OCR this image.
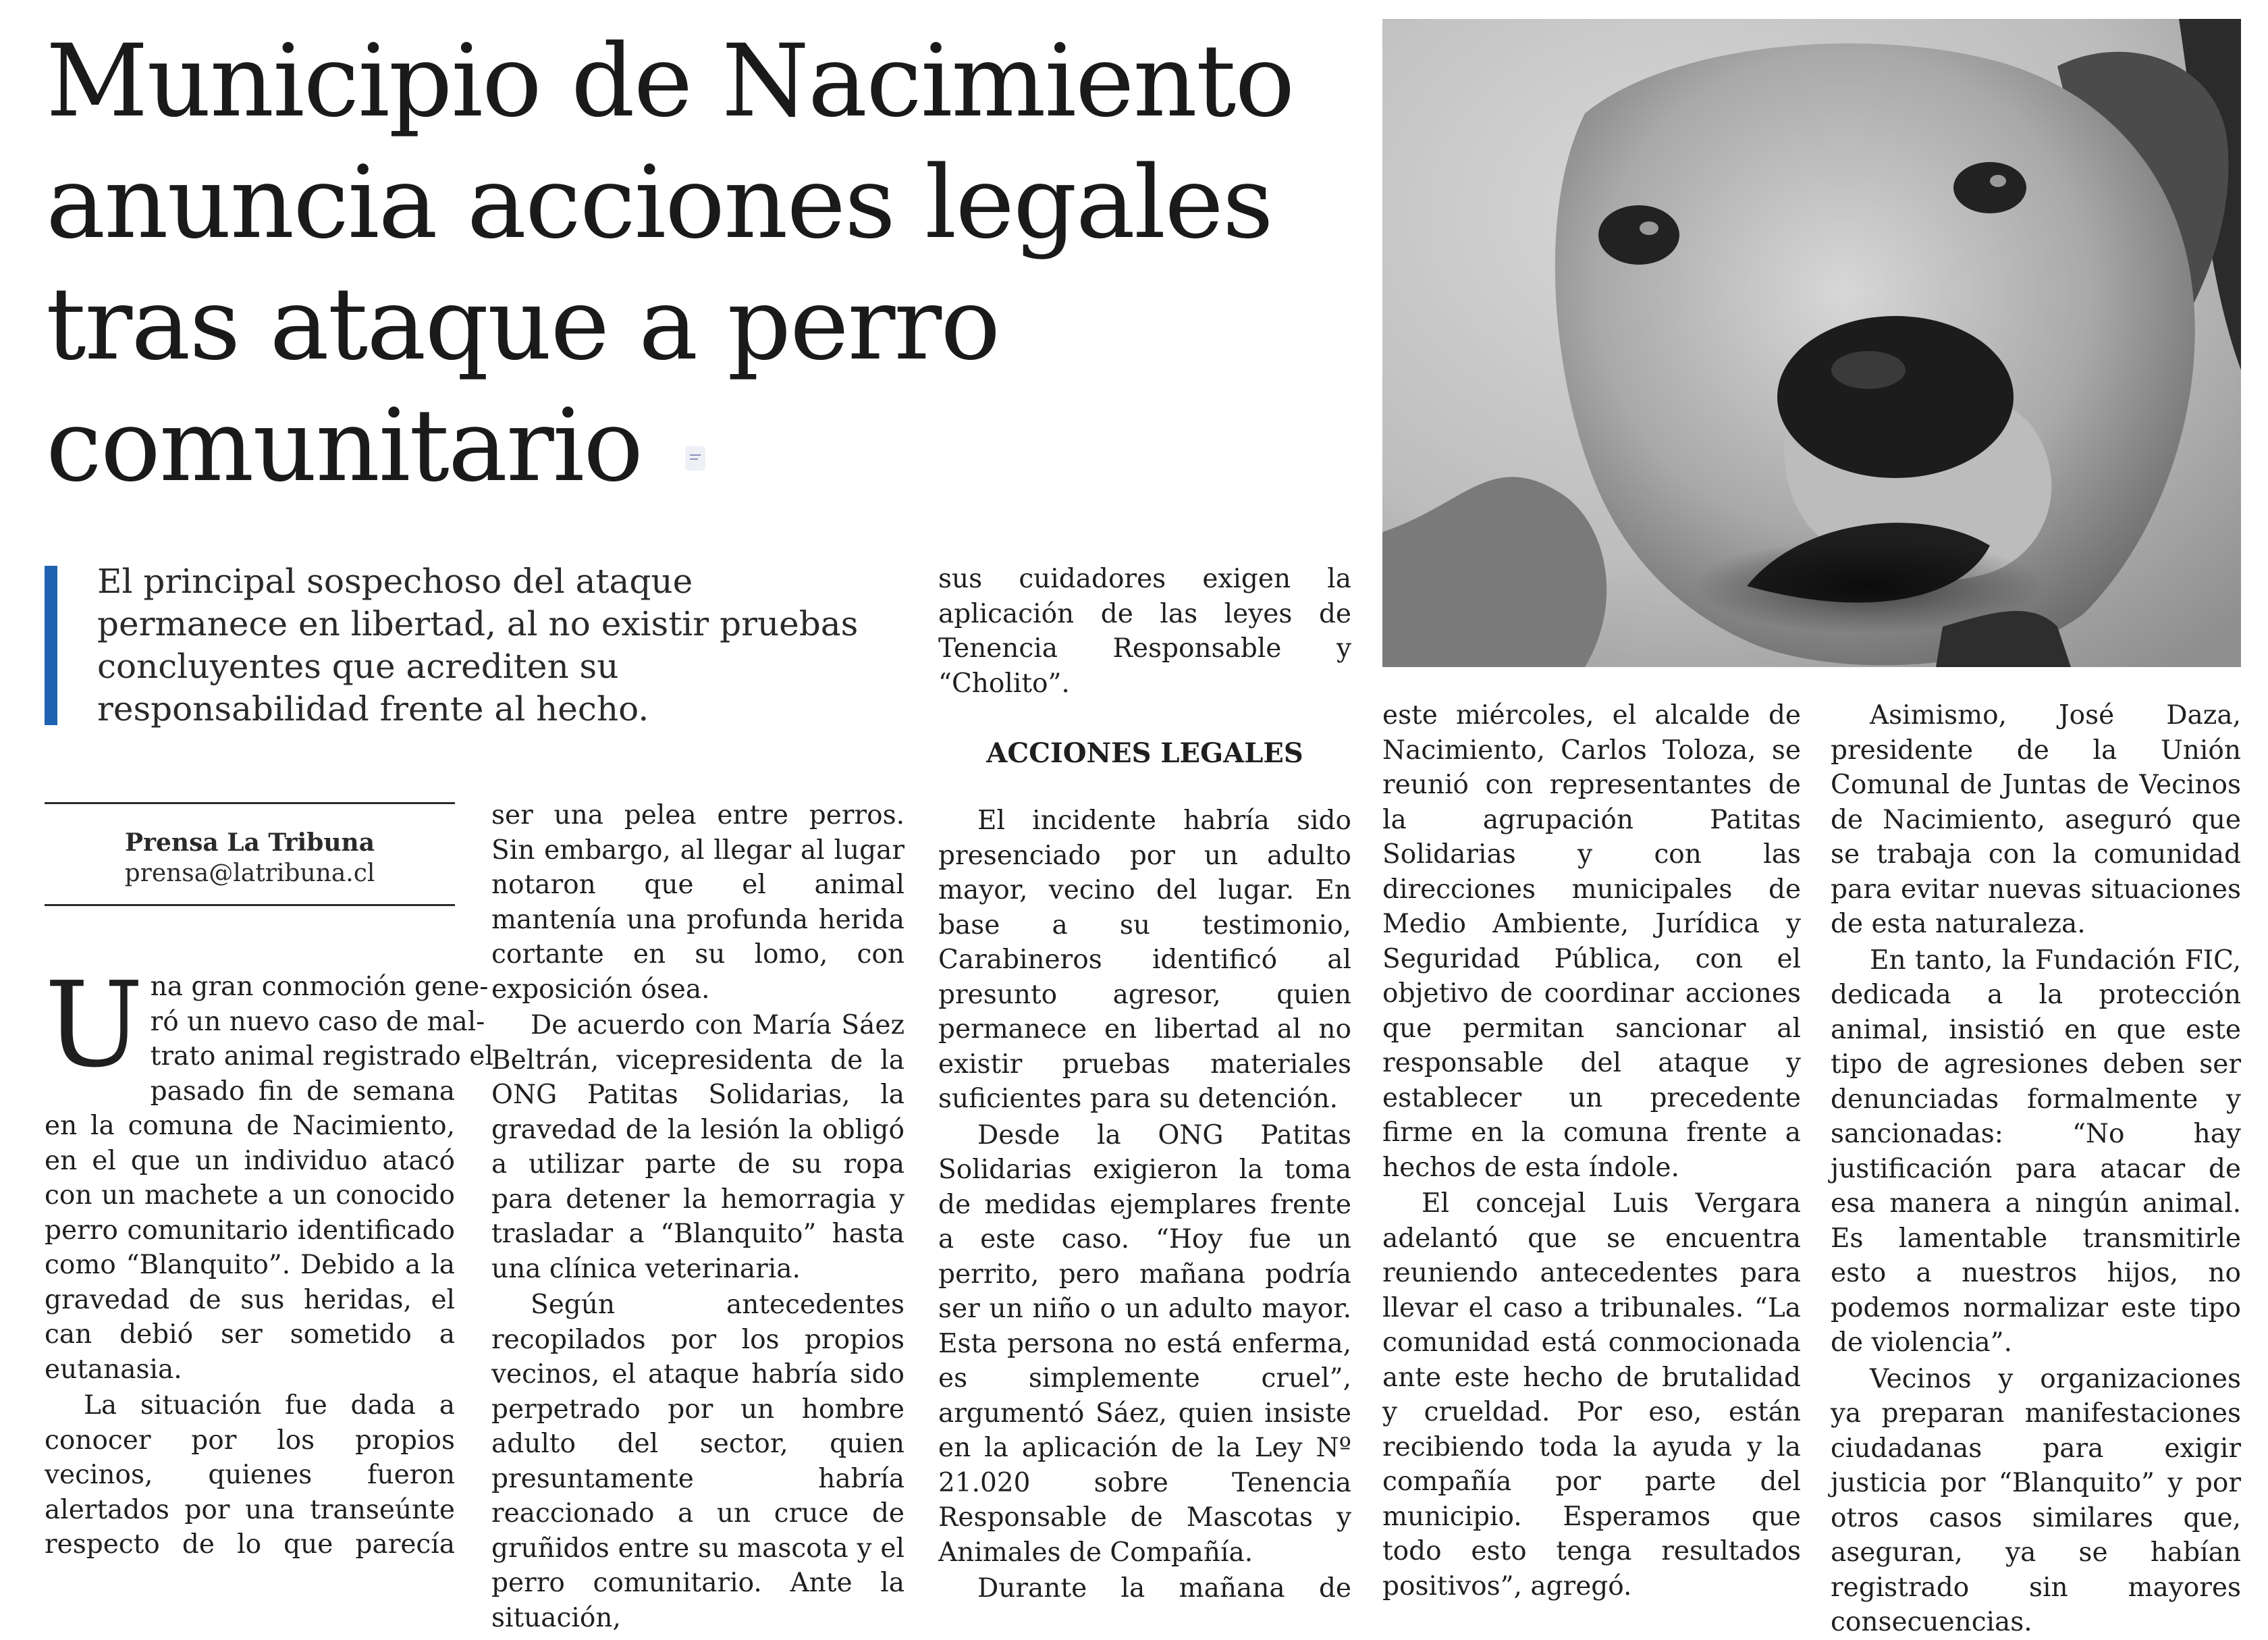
Municipio de Nacimiento
anuncia acciones legales
tras ataque a perro
comunitario

El principal sospechoso del ataque permanece en libertad, al no existir pruebas concluyentes que acrediten su responsabilidad frente al hecho.

Prensa La Tribuna
prensa@latribuna.cl

U na gran conmoción gene-
ró un nuevo caso de mal-
trato animal registrado el
pasado fin de semana en la comuna de Nacimiento, en el que un individuo atacó con un machete a un conocido perro comunitario identificado como “Blanquito”. Debido a la gravedad de sus heridas, el can debió ser sometido a eutanasia.

La situación fue dada a conocer por los propios vecinos, quienes fueron alertados por una transeúnte respecto de lo que parecía

ser una pelea entre perros. Sin embargo, al llegar al lugar notaron que el animal mantenía una profunda herida cortante en su lomo, con exposición ósea.

De acuerdo con María Sáez Beltrán, vicepresidenta de la ONG Patitas Solidarias, la gravedad de la lesión la obligó a utilizar parte de su ropa para detener la hemorragia y trasladar a “Blanquito” hasta una clínica veterinaria.

Según antecedentes recopilados por los propios vecinos, el ataque habría sido perpetrado por un hombre adulto del sector, quien presuntamente habría reaccionado a un cruce de gruñidos entre su mascota y el perro comunitario. Ante la situación,

sus cuidadores exigen la aplicación de las leyes de Tenencia Responsable y “Cholito”.

ACCIONES LEGALES

El incidente habría sido presenciado por un adulto mayor, vecino del lugar. En base a su testimonio, Carabineros identificó al presunto agresor, quien permanece en libertad al no existir pruebas materiales suficientes para su detención.

Desde la ONG Patitas Solidarias exigieron la toma de medidas ejemplares frente a este caso. “Hoy fue un perrito, pero mañana podría ser un niño o un adulto mayor. Esta persona no está enferma, es simplemente cruel”, argumentó Sáez, quien insiste en la aplicación de la Ley Nº 21.020 sobre Tenencia Responsable de Mascotas y Animales de Compañía.

Durante la mañana de

este miércoles, el alcalde de Nacimiento, Carlos Toloza, se reunió con representantes de la agrupación Patitas Solidarias y con las direcciones municipales de Medio Ambiente, Jurídica y Seguridad Pública, con el objetivo de coordinar acciones que permitan sancionar al responsable del ataque y establecer un precedente firme en la comuna frente a hechos de esta índole.

El concejal Luis Vergara adelantó que se encuentra reuniendo antecedentes para llevar el caso a tribunales. “La comunidad está conmocionada ante este hecho de brutalidad y crueldad. Por eso, están recibiendo toda la ayuda y la compañía por parte del municipio. Esperamos que todo esto tenga resultados positivos”, agregó.

Asimismo, José Daza, presidente de la Unión Comunal de Juntas de Vecinos de Nacimiento, aseguró que se trabaja con la comunidad para evitar nuevas situaciones de esta naturaleza.

En tanto, la Fundación FIC, dedicada a la protección animal, insistió en que este tipo de agresiones deben ser denunciadas formalmente y sancionadas: “No hay justificación para atacar de esa manera a ningún animal. Es lamentable transmitirle esto a nuestros hijos, no podemos normalizar este tipo de violencia”.

Vecinos y organizaciones ya preparan manifestaciones ciudadanas para exigir justicia por “Blanquito” y por otros casos similares que, aseguran, ya se habían registrado sin mayores consecuencias.
